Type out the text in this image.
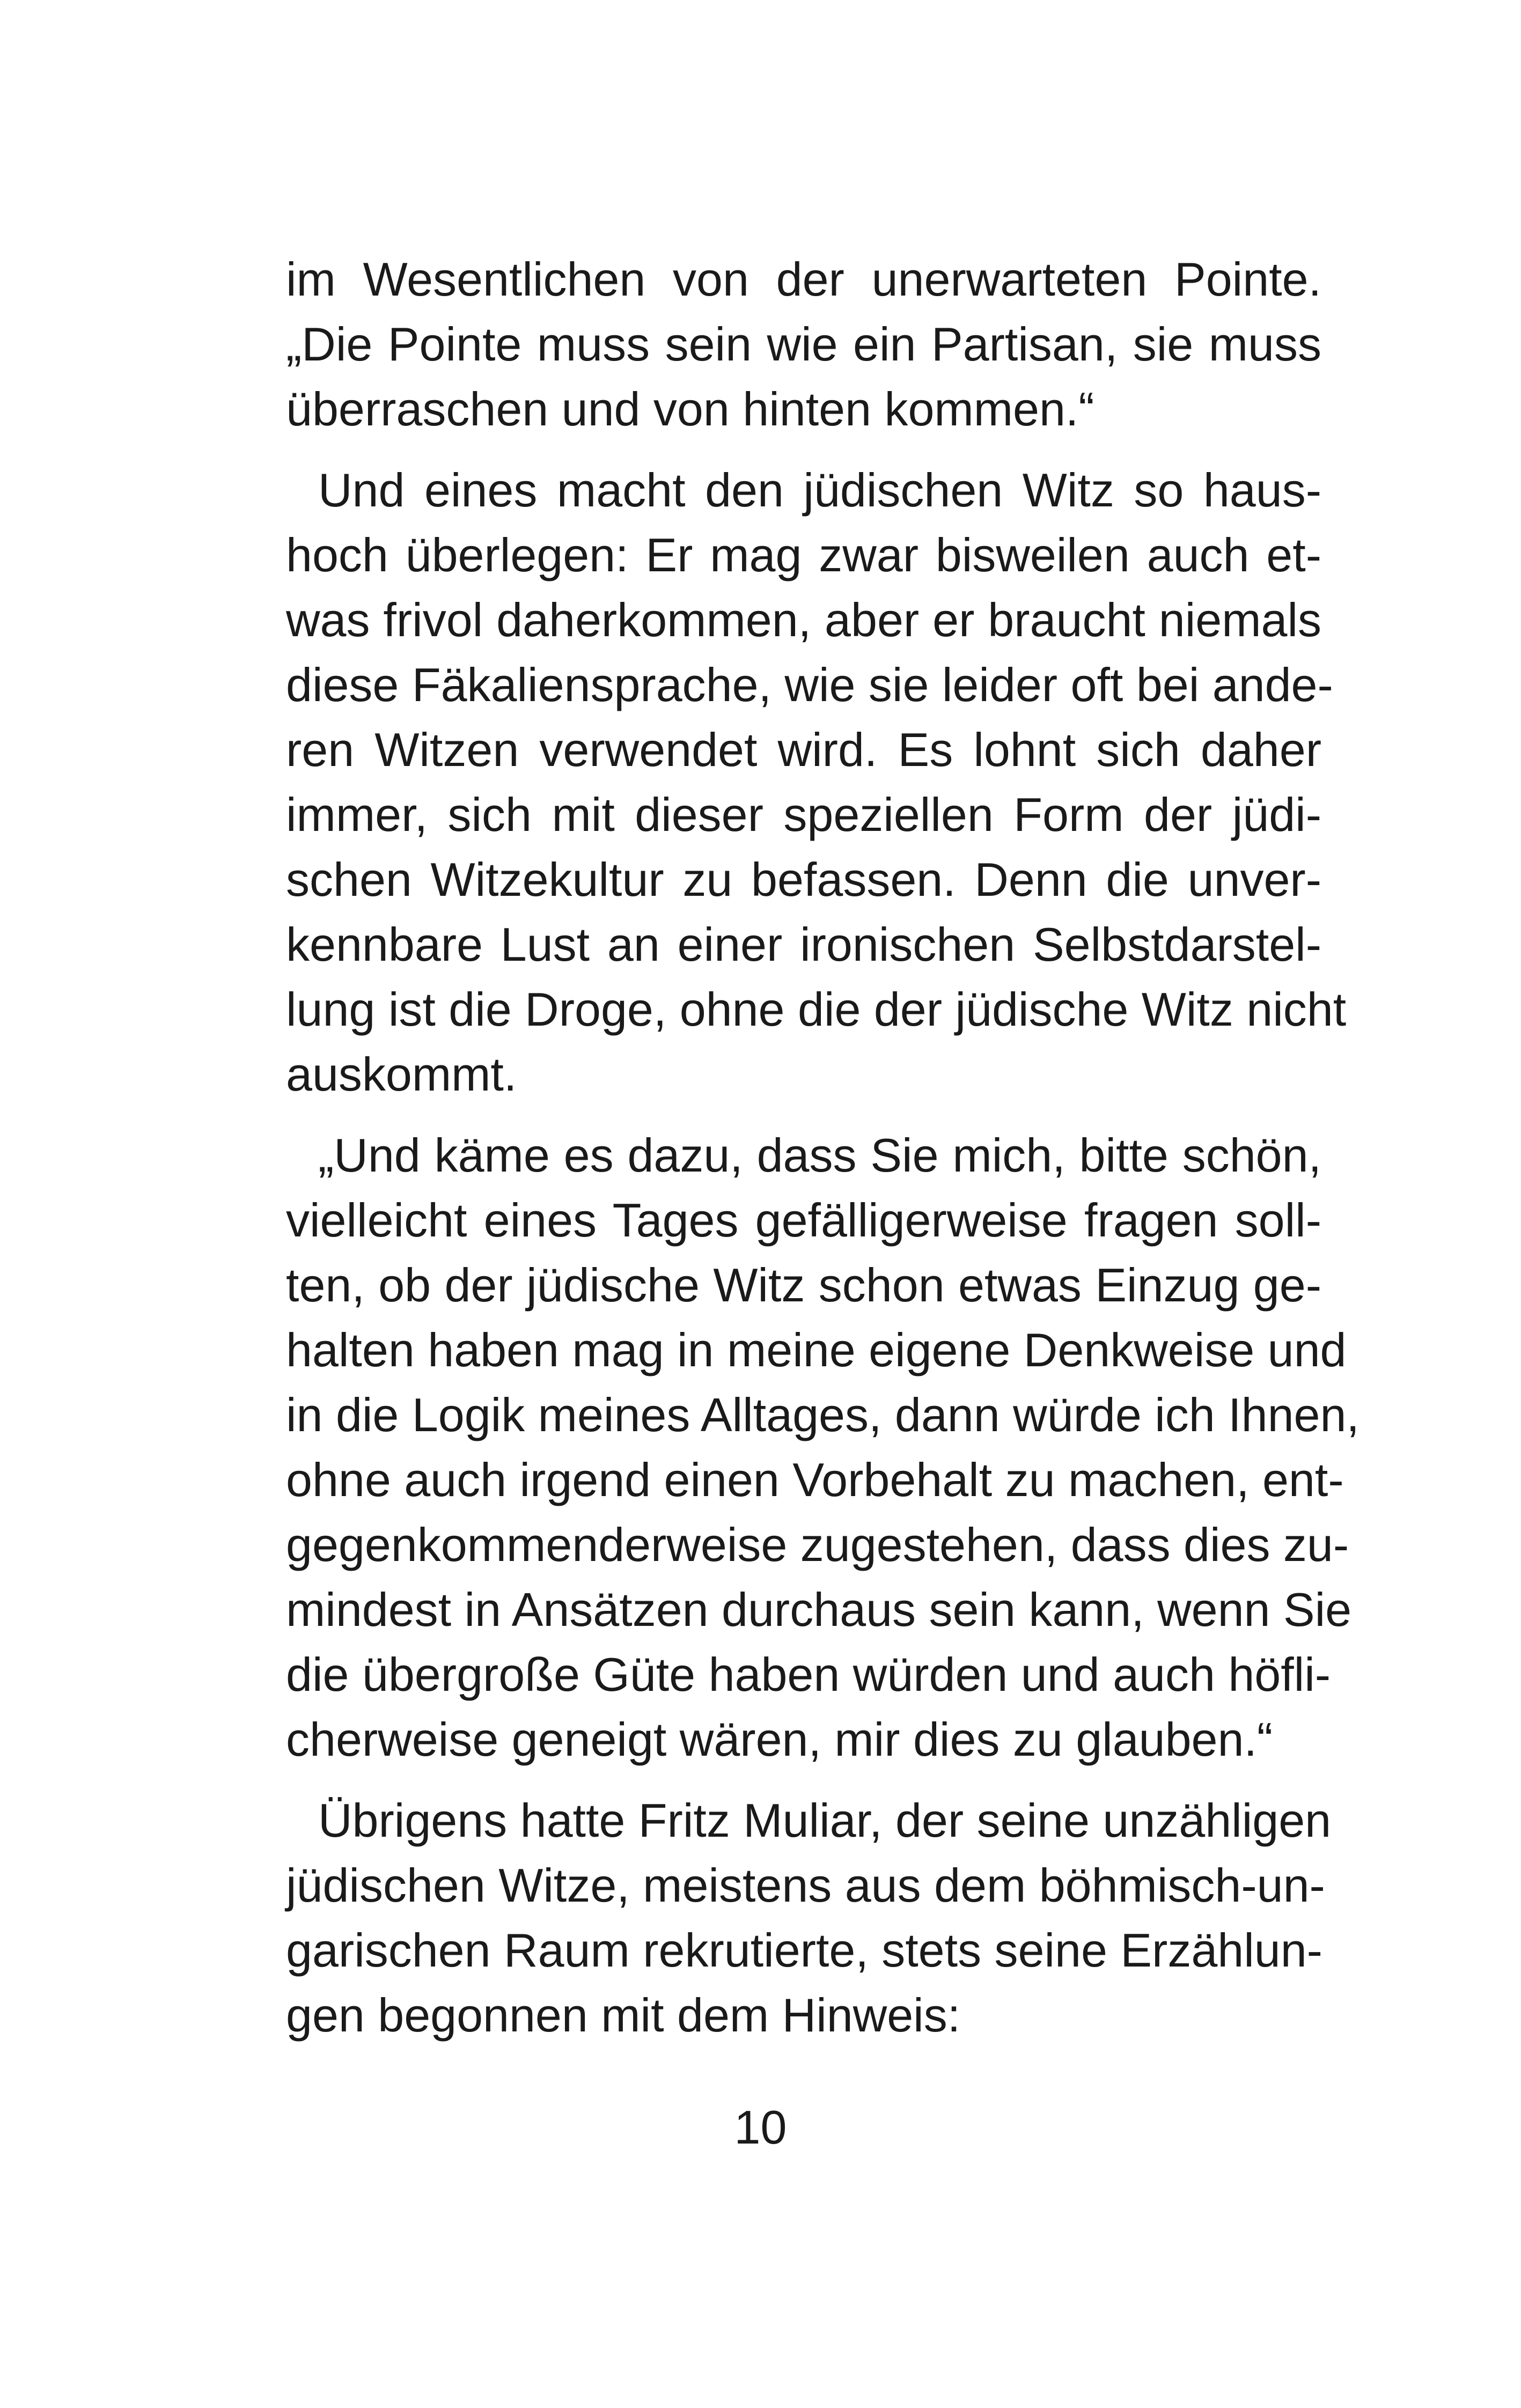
im Wesentlichen von der unerwarteten Pointe.
„Die Pointe muss sein wie ein Partisan, sie muss
überraschen und von hinten kommen.“
Und eines macht den jüdischen Witz so haus-
hoch überlegen: Er mag zwar bisweilen auch et-
was frivol daherkommen, aber er braucht niemals
diese Fäkaliensprache, wie sie leider oft bei ande-
ren Witzen verwendet wird. Es lohnt sich daher
immer, sich mit dieser speziellen Form der jüdi-
schen Witzekultur zu befassen. Denn die unver-
kennbare Lust an einer ironischen Selbstdarstel-
lung ist die Droge, ohne die der jüdische Witz nicht
auskommt.
„Und käme es dazu, dass Sie mich, bitte schön,
vielleicht eines Tages gefälligerweise fragen soll-
ten, ob der jüdische Witz schon etwas Einzug ge-
halten haben mag in meine eigene Denkweise und
in die Logik meines Alltages, dann würde ich Ihnen,
ohne auch irgend einen Vorbehalt zu machen, ent-
gegenkommenderweise zugestehen, dass dies zu-
mindest in Ansätzen durchaus sein kann, wenn Sie
die übergroße Güte haben würden und auch höfli-
cherweise geneigt wären, mir dies zu glauben.“
Übrigens hatte Fritz Muliar, der seine unzähligen
jüdischen Witze, meistens aus dem böhmisch-un-
garischen Raum rekrutierte, stets seine Erzählun-
gen begonnen mit dem Hinweis:
10
